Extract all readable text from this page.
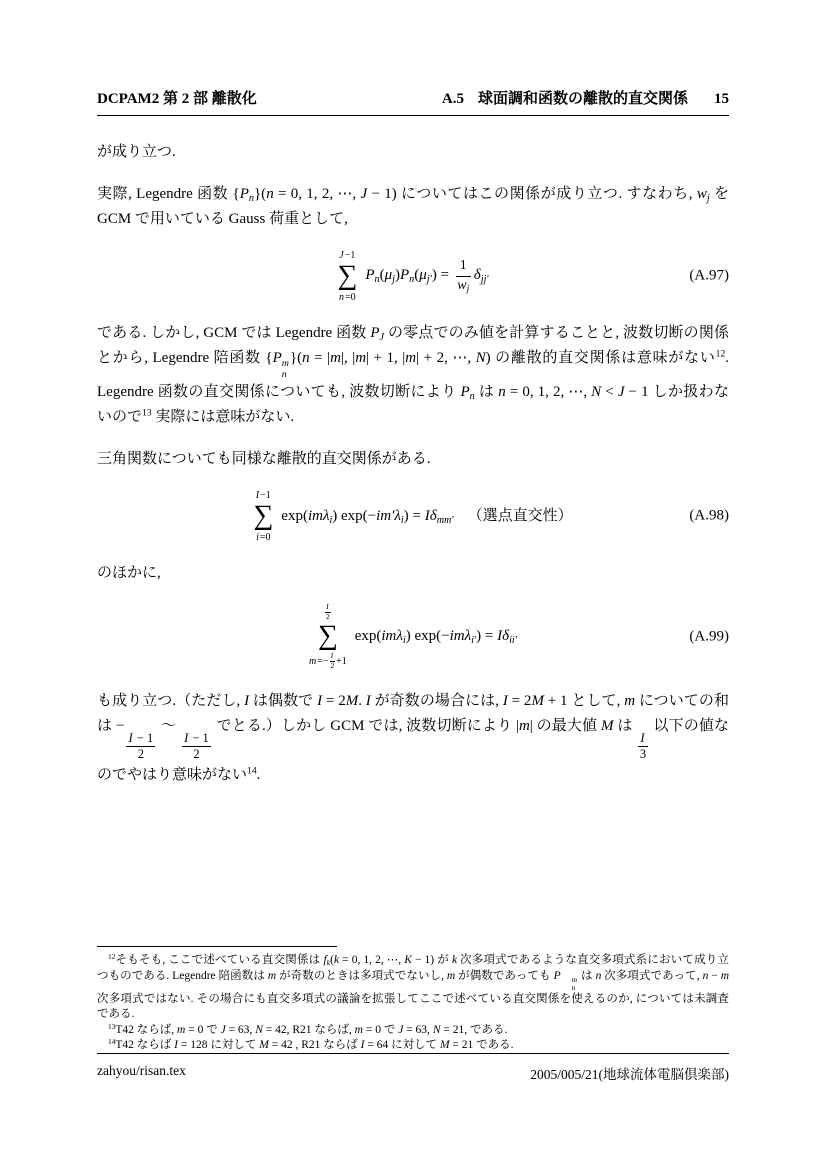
DCPAM2 第 2 部 離散化	A.5 球面調和函数の離散的直交関係 15

が成り立つ.

実際, Legendre 函数 {Pn}(n = 0, 1, 2, ⋯, J − 1) についてはこの関係が成り立つ. すなわち, wj を GCM で用いている Gauss 荷重として,

J −1
∑
n =0
$Pn(\mu j)Pn(\mu j') = \frac{1}{wj} \delta jj'$	(A.97)

である. しかし, GCM では Legendre 函数 PJ の零点でのみ値を計算することと, 波数切断の関係とから, Legendre 陪函数 {P m
n
}(n = |m|, |m| + 1, |m| + 2, ⋯, N) の離散的直交関係は意味がない$^{12}$. Legendre 函数の直交関係についても, 波数切断により Pn は n = 0, 1, 2, ⋯, N < J − 1 しか扱わないので$^{13}$ 実際には意味がない.

三角関数についても同様な離散的直交関係がある.

I −1
∑
i =0
exp(imλi) exp(−im′λi) = Iδmm′ （選点直交性）	(A.98)

のほかに,

$\frac{I}{2}$
∑
$m=- \frac{I}{2} +1$
exp(imλi) exp(−imλi′) = Iδii′	(A.99)

も成り立つ.（ただし, I は偶数で I = 2M. I が奇数の場合には, I = 2M + 1 として, m についての和は −
$\frac{I - 1}{2}$
～
$\frac{I - 1}{2}$
でとる.）しかし GCM では, 波数切断により |m| の最大値 M は
$\frac{I}{3}$
以下の値なのでやはり意味がない$^{14}$.

$^{12}$そもそも, ここで述べている直交関係は fk(k = 0, 1, 2, ⋯, K − 1) が k 次多項式であるような直交多項式系において成り立つものである. Legendre 陪函数は m が奇数のときは多項式でないし, m が偶数であっても P	m
n
は n 次多項式であって, n − m 次多項式ではない. その場合にも直交多項式の議論を拡張してここで述べている直交関係を使えるのか, については未調査である.

$^{13}$T42 ならば, m = 0 で J = 63, N = 42, R21 ならば, m = 0 で J = 63, N = 21, である.

$^{14}$T42 ならば I = 128 に対して M = 42 , R21 ならば I = 64 に対して M = 21 である.

zahyou/risan.tex	2005/005/21(地球流体電脳倶楽部)
